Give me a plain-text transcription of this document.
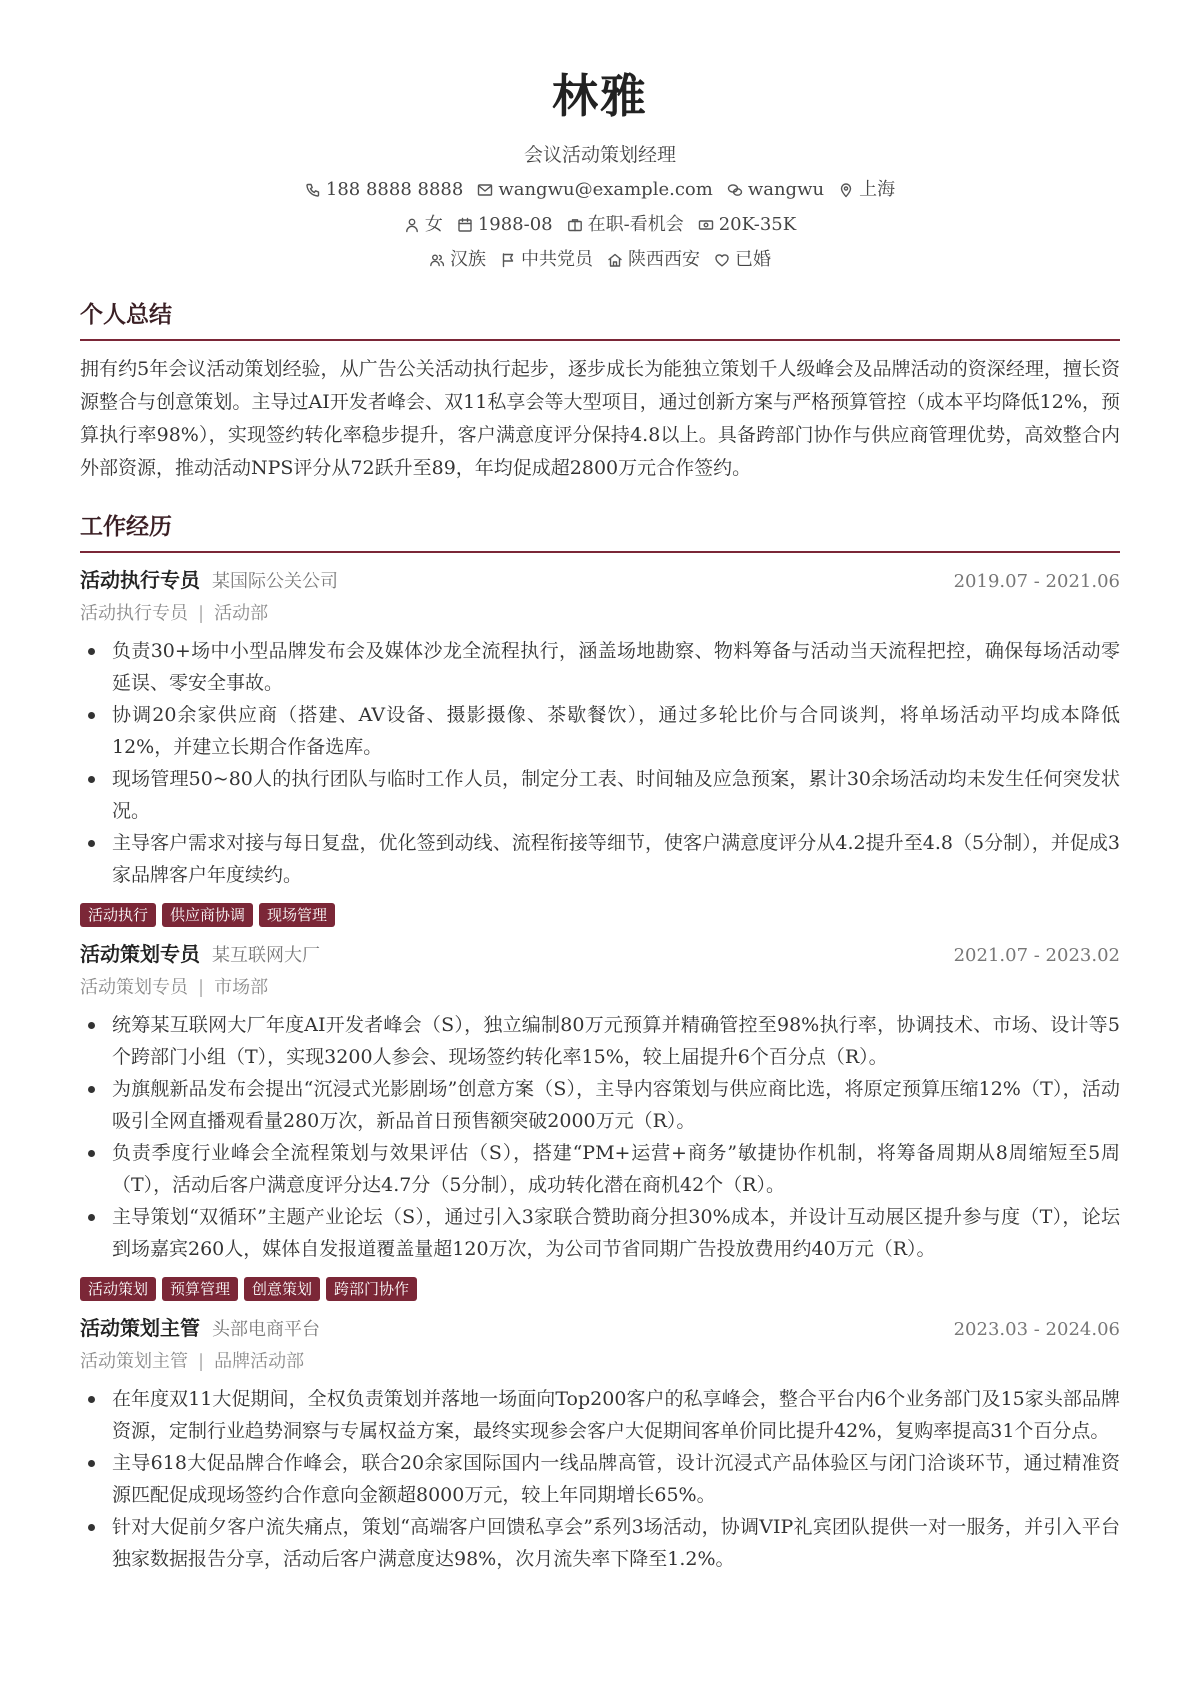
林雅
会议活动策划经理
188 8888 8888 wangwu@example.com wangwu 上海
女 1988-08 在职-看机会 20K-35K
汉族 中共党员 陕西西安 已婚
个人总结

拥有约5年会议活动策划经验，从广告公关活动执行起步，逐步成长为能独立策划千人级峰会及品牌活动的资深经理，擅长资源整合与创意策划。主导过AI开发者峰会、双11私享会等大型项目，通过创新方案与严格预算管控（成本平均降低12%，预算执行率98%），实现签约转化率稳步提升，客户满意度评分保持4.8以上。具备跨部门协作与供应商管理优势，高效整合内外部资源，推动活动NPS评分从72跃升至89，年均促成超2800万元合作签约。

工作经历
活动执行专员 某国际公关公司	2019.07 - 2021.06
活动执行专员 | 活动部
负责30+场中小型品牌发布会及媒体沙龙全流程执行，涵盖场地勘察、物料筹备与活动当天流程把控，确保每场活动零延误、零安全事故。
协调20余家供应商（搭建、AV设备、摄影摄像、茶歇餐饮），通过多轮比价与合同谈判，将单场活动平均成本降低12%，并建立长期合作备选库。
现场管理50~80人的执行团队与临时工作人员，制定分工表、时间轴及应急预案，累计30余场活动均未发生任何突发状况。
主导客户需求对接与每日复盘，优化签到动线、流程衔接等细节，使客户满意度评分从4.2提升至4.8（5分制），并促成3家品牌客户年度续约。
活动执行	供应商协调	现场管理
活动策划专员 某互联网大厂	2021.07 - 2023.02
活动策划专员 | 市场部
统筹某互联网大厂年度AI开发者峰会（S），独立编制80万元预算并精确管控至98%执行率，协调技术、市场、设计等5个跨部门小组（T），实现3200人参会、现场签约转化率15%，较上届提升6个百分点（R）。
为旗舰新品发布会提出“沉浸式光影剧场”创意方案（S），主导内容策划与供应商比选，将原定预算压缩12%（T），活动吸引全网直播观看量280万次，新品首日预售额突破2000万元（R）。
负责季度行业峰会全流程策划与效果评估（S），搭建“PM+运营+商务”敏捷协作机制，将筹备周期从8周缩短至5周（T），活动后客户满意度评分达4.7分（5分制），成功转化潜在商机42个（R）。
主导策划“双循环”主题产业论坛（S），通过引入3家联合赞助商分担30%成本，并设计互动展区提升参与度（T），论坛到场嘉宾260人，媒体自发报道覆盖量超120万次，为公司节省同期广告投放费用约40万元（R）。
活动策划	预算管理	创意策划	跨部门协作
活动策划主管 头部电商平台	2023.03 - 2024.06
活动策划主管 | 品牌活动部
在年度双11大促期间，全权负责策划并落地一场面向Top200客户的私享峰会，整合平台内6个业务部门及15家头部品牌资源，定制行业趋势洞察与专属权益方案，最终实现参会客户大促期间客单价同比提升42%，复购率提高31个百分点。
主导618大促品牌合作峰会，联合20余家国际国内一线品牌高管，设计沉浸式产品体验区与闭门洽谈环节，通过精准资源匹配促成现场签约合作意向金额超8000万元，较上年同期增长65%。
针对大促前夕客户流失痛点，策划“高端客户回馈私享会”系列3场活动，协调VIP礼宾团队提供一对一服务，并引入平台独家数据报告分享，活动后客户满意度达98%，次月流失率下降至1.2%。
